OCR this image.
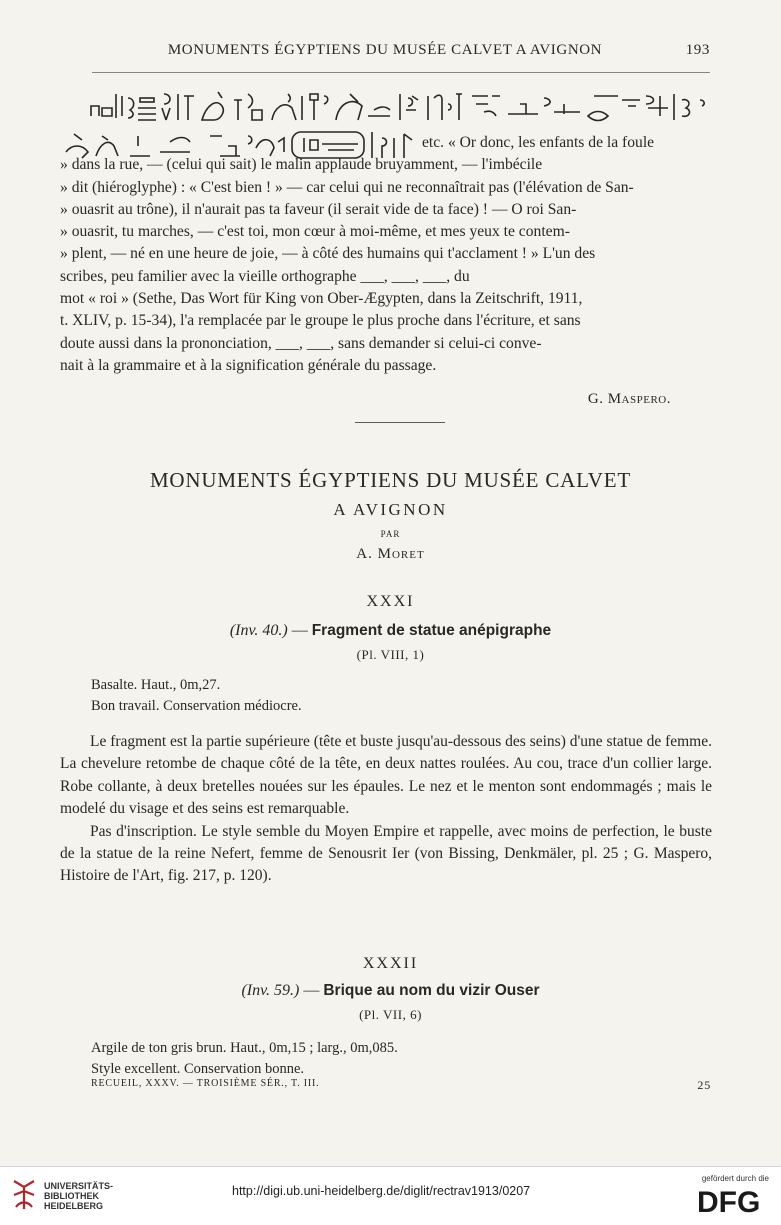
MONUMENTS ÉGYPTIENS DU MUSÉE CALVET A AVIGNON	193
etc. « Or donc, les enfants de la foule
» dans la rue, — (celui qui sait) le malin applaude bruyamment, — l'imbécile
» dit (hiéroglyphe) : « C'est bien ! » — car celui qui ne reconnaîtrait pas (l'élévation de San-
» ouasrit au trône), il n'aurait pas ta faveur (il serait vide de ta face) ! — O roi San-
» ouasrit, tu marches, — c'est toi, mon cœur à moi-même, et mes yeux te contem-
» plent, — né en une heure de joie, — à côté des humains qui t'acclament ! » L'un des
scribes, peu familier avec la vieille orthographe ___, ___, ___, du
mot « roi » (Sethe, Das Wort für King von Ober-Ægypten, dans la Zeitschrift, 1911,
t. XLIV, p. 15-34), l'a remplacée par le groupe le plus proche dans l'écriture, et sans
doute aussi dans la prononciation, ___, ___, sans demander si celui-ci conve-
nait à la grammaire et à la signification générale du passage.
G. Maspero.
MONUMENTS ÉGYPTIENS DU MUSÉE CALVET
A AVIGNON
PAR
A. Moret
XXXI
(Inv. 40.) — Fragment de statue anépigraphe
(Pl. VIII, 1)
Basalte. Haut., 0m,27.
Bon travail. Conservation médiocre.

Le fragment est la partie supérieure (tête et buste jusqu'au-dessous des seins) d'une statue de femme. La chevelure retombe de chaque côté de la tête, en deux nattes roulées. Au cou, trace d'un collier large. Robe collante, à deux bretelles nouées sur les épaules. Le nez et le menton sont endommagés ; mais le modelé du visage et des seins est remarquable.

Pas d'inscription. Le style semble du Moyen Empire et rappelle, avec moins de perfection, le buste de la statue de la reine Nefert, femme de Senousrit Ier (von Bissing, Denkmäler, pl. 25 ; G. Maspero, Histoire de l'Art, fig. 217, p. 120).

XXXII
(Inv. 59.) — Brique au nom du vizir Ouser
(Pl. VII, 6)
Argile de ton gris brun. Haut., 0m,15 ; larg., 0m,085.
Style excellent. Conservation bonne.
RECUEIL, XXXV. — TROISIÈME SÉR., T. III.	25
UNIVERSITÄTS-
BIBLIOTHEK
HEIDELBERG
http://digi.ub.uni-heidelberg.de/diglit/rectrav1913/0207
gefördert durch die
DFG
